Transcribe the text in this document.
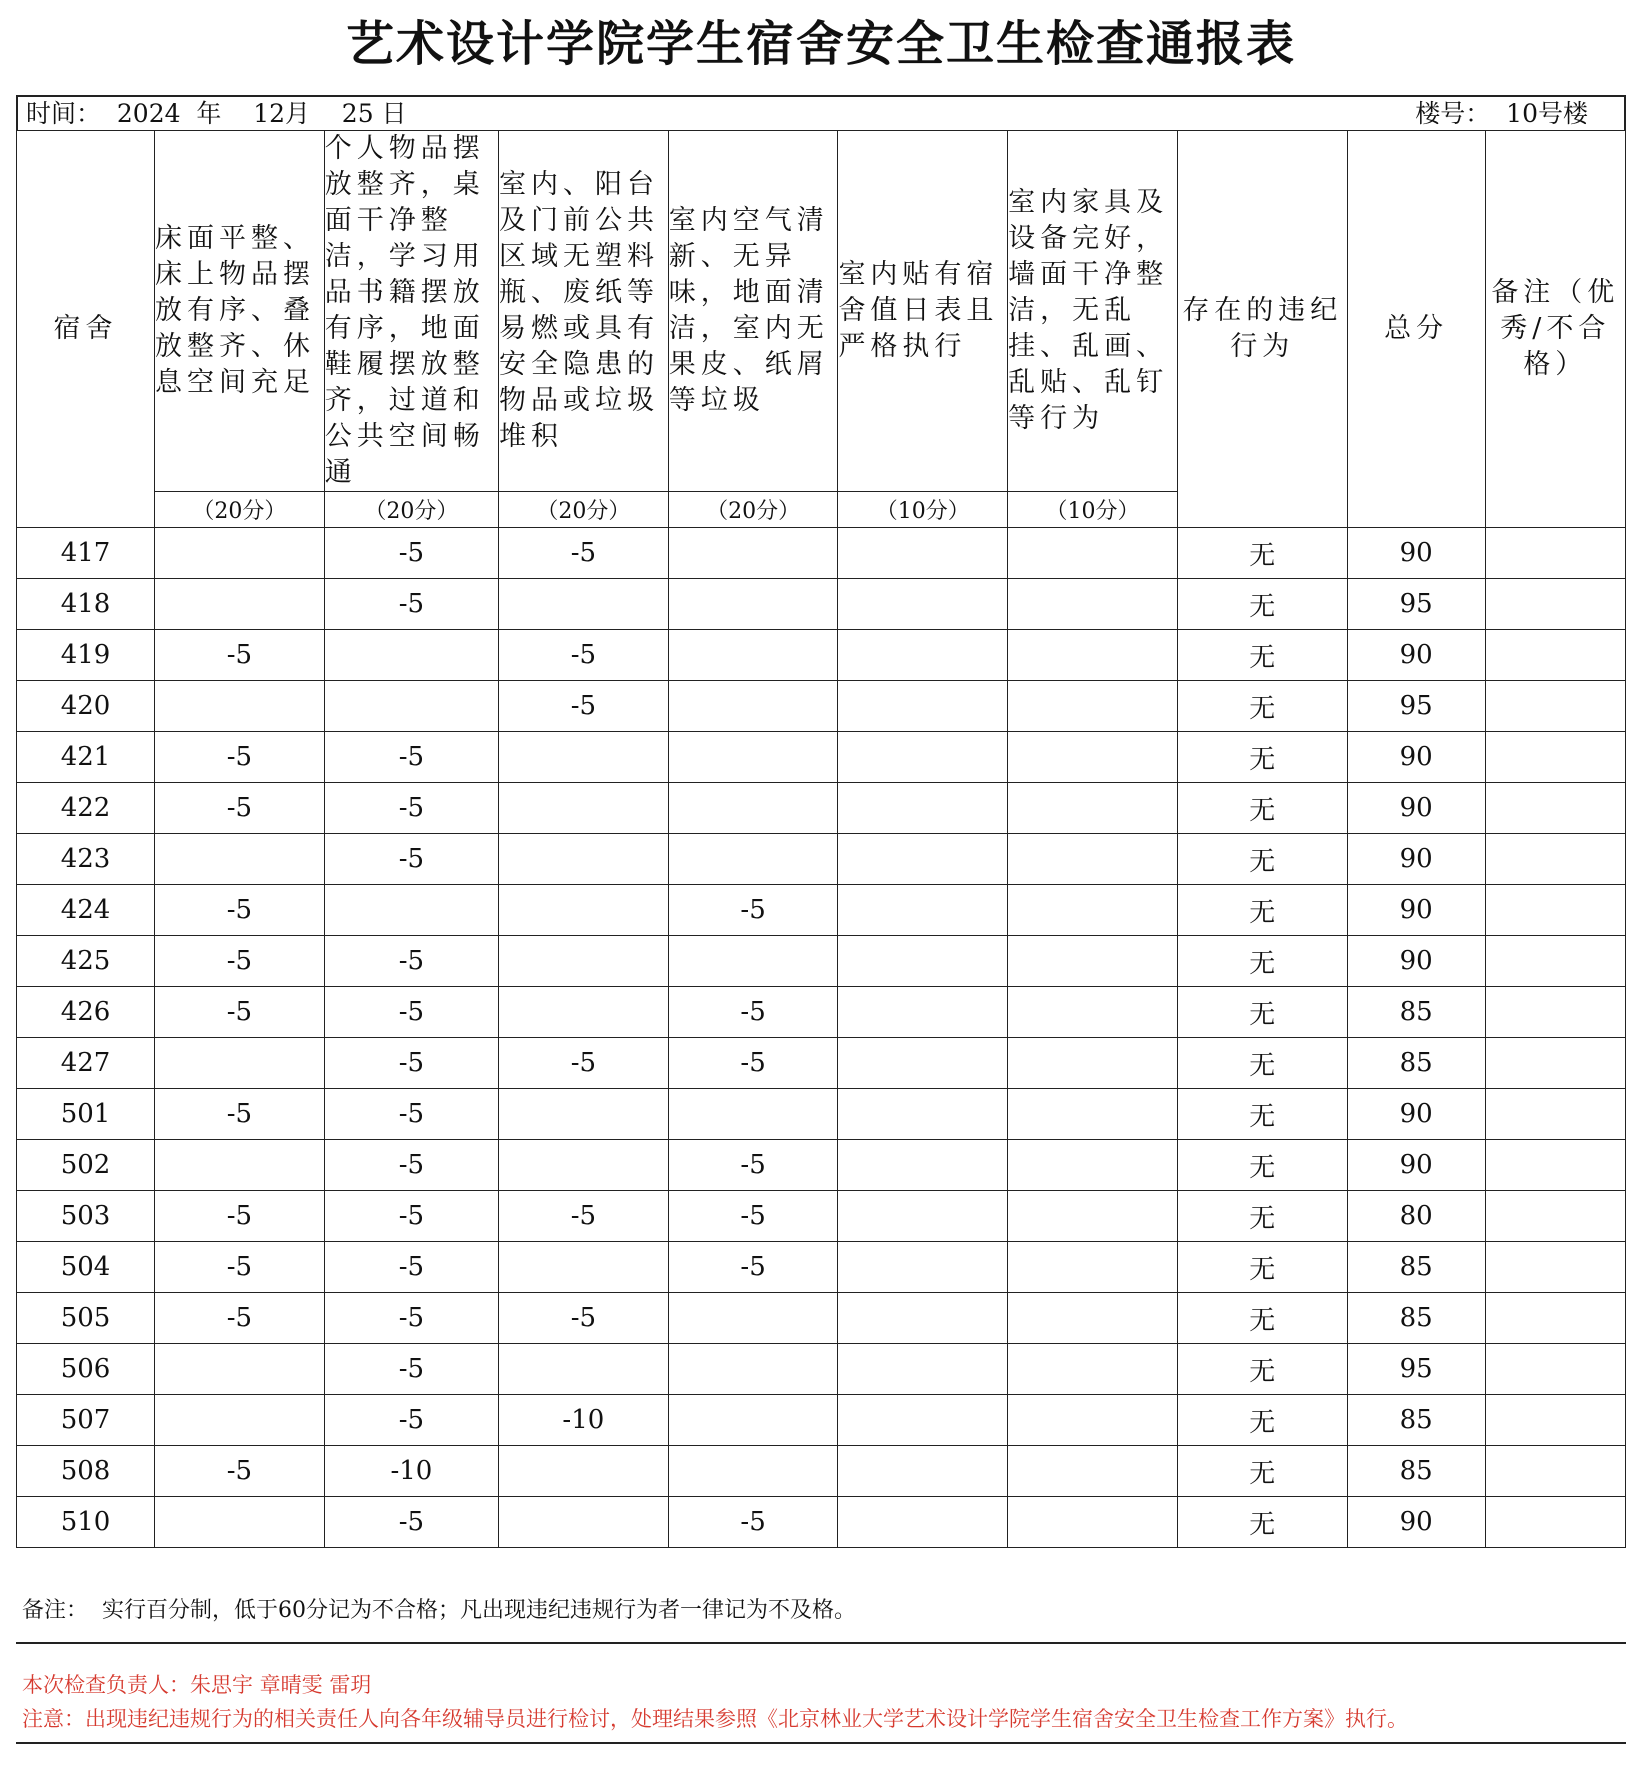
艺术设计学院学生宿舍安全卫生检查通报表
时间：  2024  年    12月    25 日	楼号：  10号楼
宿舍	床面平整、床上物品摆放有序、叠放整齐、休息空间充足	个人物品摆放整齐，桌面干净整洁，学习用品书籍摆放有序，地面鞋履摆放整齐，过道和公共空间畅通	室内、阳台及门前公共区域无塑料瓶、废纸等易燃或具有安全隐患的物品或垃圾堆积	室内空气清新、无异味，地面清洁，室内无果皮、纸屑等垃圾	室内贴有宿舍值日表且严格执行	室内家具及设备完好，墙面干净整洁，无乱挂、乱画、乱贴、乱钉等行为	存在的违纪行为	总分	备注（优秀/不合格）
	（20分）	（20分）	（20分）	（20分）	（10分）	（10分）			
417		-5	-5				无	90	
418		-5					无	95	
419	-5		-5				无	90	
420			-5				无	95	
421	-5	-5					无	90	
422	-5	-5					无	90	
423		-5					无	90	
424	-5			-5			无	90	
425	-5	-5					无	90	
426	-5	-5		-5			无	85	
427		-5	-5	-5			无	85	
501	-5	-5					无	90	
502		-5		-5			无	90	
503	-5	-5	-5	-5			无	80	
504	-5	-5		-5			无	85	
505	-5	-5	-5				无	85	
506		-5					无	95	
507		-5	-10				无	85	
508	-5	-10					无	85	
510		-5		-5			无	90	
备注：  实行百分制，低于60分记为不合格；凡出现违纪违规行为者一律记为不及格。
本次检查负责人：朱思宇 章晴雯 雷玥
注意：出现违纪违规行为的相关责任人向各年级辅导员进行检讨，处理结果参照《北京林业大学艺术设计学院学生宿舍安全卫生检查工作方案》执行。
